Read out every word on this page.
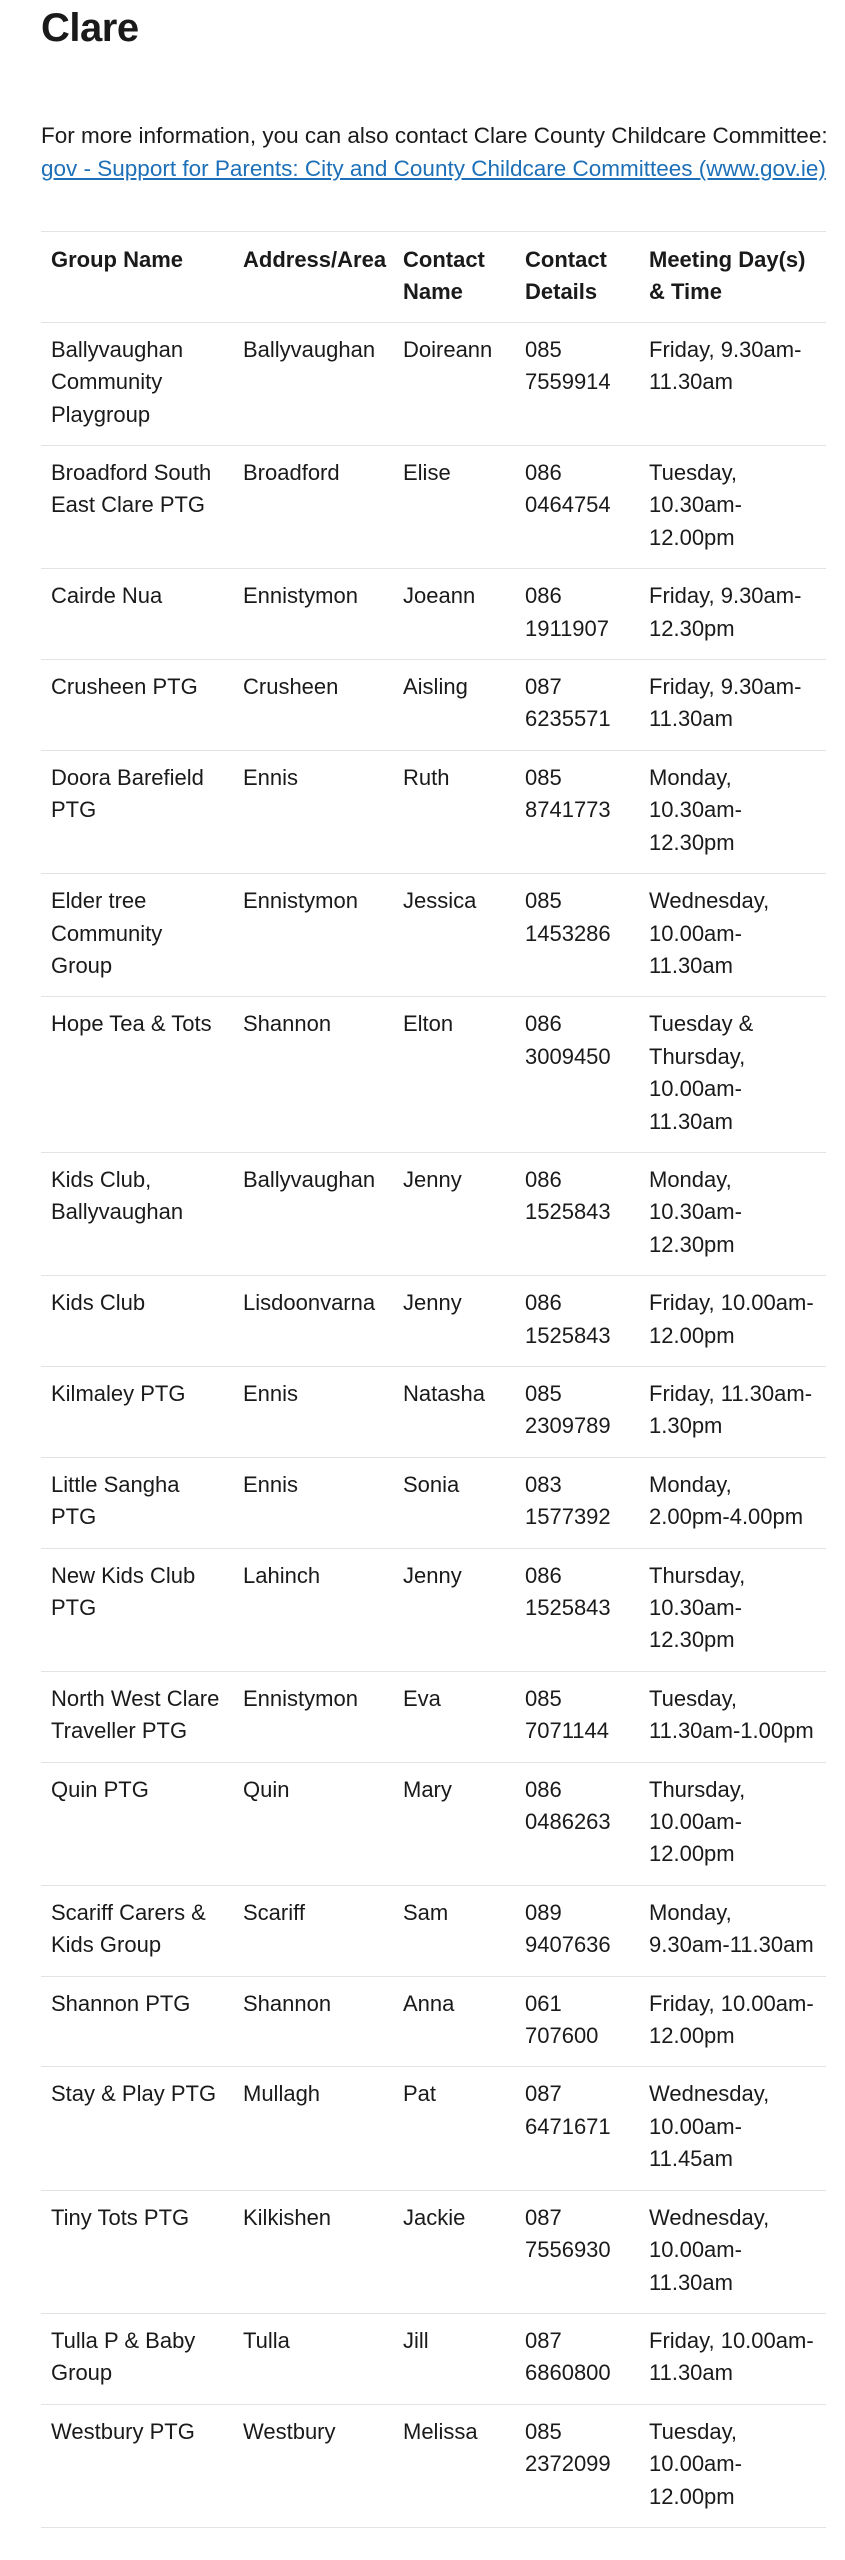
Clare

For more information, you can also contact Clare County Childcare Committee:
gov - Support for Parents: City and County Childcare Committees (www.gov.ie)

Group Name	Address/Area	Contact Name	Contact Details	Meeting Day(s) & Time
Ballyvaughan Community Playgroup	Ballyvaughan	Doireann	085 7559914	Friday, 9.30am-11.30am
Broadford South East Clare PTG	Broadford	Elise	086 0464754	Tuesday, 10.30am-12.00pm
Cairde Nua	Ennistymon	Joeann	086 1911907	Friday, 9.30am-12.30pm
Crusheen PTG	Crusheen	Aisling	087 6235571	Friday, 9.30am-11.30am
Doora Barefield PTG	Ennis	Ruth	085 8741773	Monday, 10.30am-12.30pm
Elder tree Community Group	Ennistymon	Jessica	085 1453286	Wednesday, 10.00am-11.30am
Hope Tea & Tots	Shannon	Elton	086 3009450	Tuesday & Thursday, 10.00am-11.30am
Kids Club, Ballyvaughan	Ballyvaughan	Jenny	086 1525843	Monday, 10.30am-12.30pm
Kids Club	Lisdoonvarna	Jenny	086 1525843	Friday, 10.00am-12.00pm
Kilmaley PTG	Ennis	Natasha	085 2309789	Friday, 11.30am-1.30pm
Little Sangha PTG	Ennis	Sonia	083 1577392	Monday, 2.00pm-4.00pm
New Kids Club PTG	Lahinch	Jenny	086 1525843	Thursday, 10.30am-12.30pm
North West Clare Traveller PTG	Ennistymon	Eva	085 7071144	Tuesday, 11.30am-1.00pm
Quin PTG	Quin	Mary	086 0486263	Thursday, 10.00am-12.00pm
Scariff Carers & Kids Group	Scariff	Sam	089 9407636	Monday, 9.30am-11.30am
Shannon PTG	Shannon	Anna	061 707600	Friday, 10.00am-12.00pm
Stay & Play PTG	Mullagh	Pat	087 6471671	Wednesday, 10.00am-11.45am
Tiny Tots PTG	Kilkishen	Jackie	087 7556930	Wednesday, 10.00am-11.30am
Tulla P & Baby Group	Tulla	Jill	087 6860800	Friday, 10.00am-11.30am
Westbury PTG	Westbury	Melissa	085 2372099	Tuesday, 10.00am-12.00pm
